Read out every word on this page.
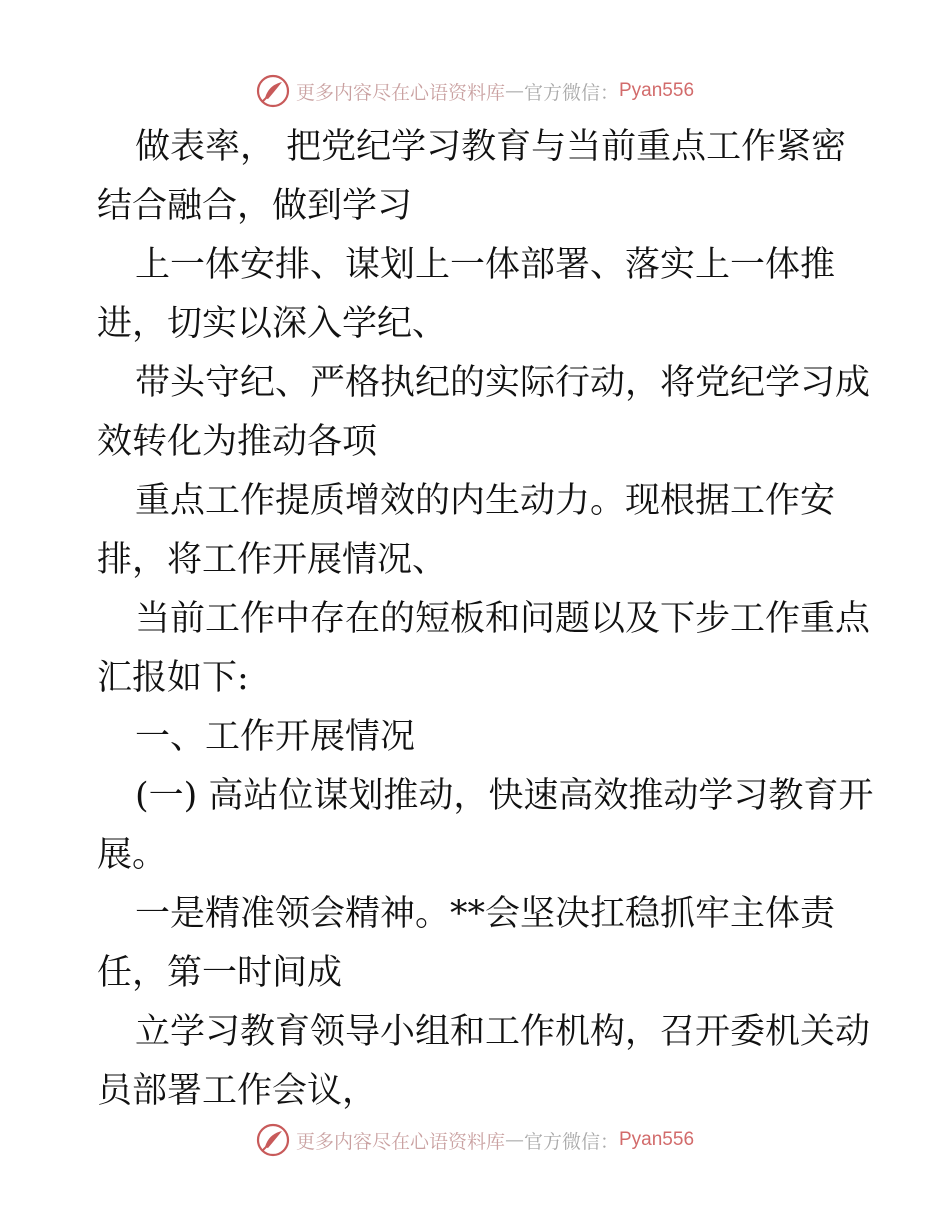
更多内容尽在心语资料库 — 官方微信： Pyan556
做表率， 把党纪学习教育与当前重点工作紧密
结合融合，做到学习
上一体安排、谋划上一体部署、落实上一体推
进，切实以深入学纪、
带头守纪、严格执纪的实际行动，将党纪学习成
效转化为推动各项
重点工作提质增效的内生动力。现根据工作安
排，将工作开展情况、
当前工作中存在的短板和问题以及下步工作重点
汇报如下:
一、工作开展情况
(一) 高站位谋划推动，快速高效推动学习教育开
展。
一是精准领会精神。**会坚决扛稳抓牢主体责
任，第一时间成
立学习教育领导小组和工作机构，召开委机关动
员部署工作会议，
更多内容尽在心语资料库 — 官方微信： Pyan556
